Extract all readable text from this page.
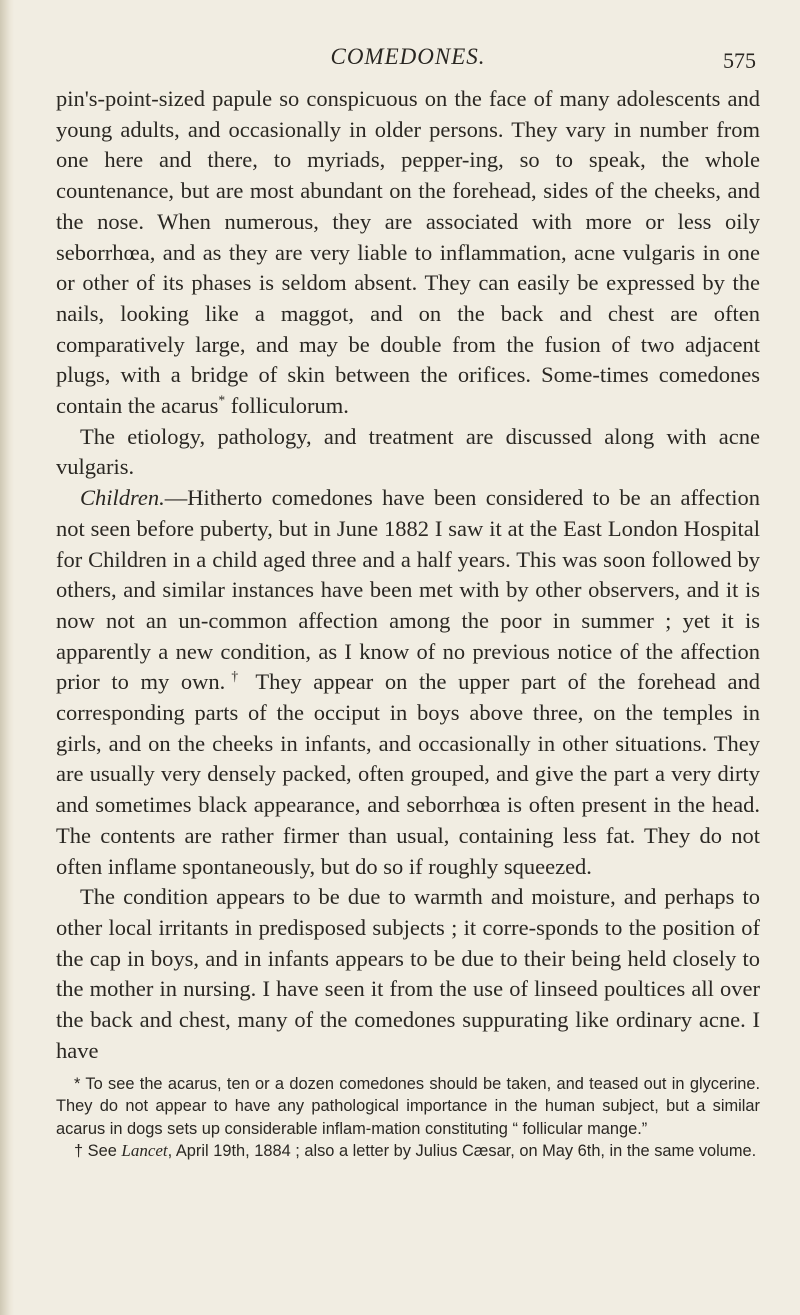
COMEDONES.	575

pin's-point-sized papule so conspicuous on the face of many adolescents and young adults, and occasionally in older persons. They vary in number from one here and there, to myriads, pepper-ing, so to speak, the whole countenance, but are most abundant on the forehead, sides of the cheeks, and the nose. When numerous, they are associated with more or less oily seborrhœa, and as they are very liable to inflammation, acne vulgaris in one or other of its phases is seldom absent. They can easily be expressed by the nails, looking like a maggot, and on the back and chest are often comparatively large, and may be double from the fusion of two adjacent plugs, with a bridge of skin between the orifices. Some-times comedones contain the acarus* folliculorum.

The etiology, pathology, and treatment are discussed along with acne vulgaris.

Children.—Hitherto comedones have been considered to be an affection not seen before puberty, but in June 1882 I saw it at the East London Hospital for Children in a child aged three and a half years. This was soon followed by others, and similar instances have been met with by other observers, and it is now not an un-common affection among the poor in summer ; yet it is apparently a new condition, as I know of no previous notice of the affection prior to my own.† They appear on the upper part of the forehead and corresponding parts of the occiput in boys above three, on the temples in girls, and on the cheeks in infants, and occasionally in other situations. They are usually very densely packed, often grouped, and give the part a very dirty and sometimes black appearance, and seborrhœa is often present in the head. The contents are rather firmer than usual, containing less fat. They do not often inflame spontaneously, but do so if roughly squeezed.

The condition appears to be due to warmth and moisture, and perhaps to other local irritants in predisposed subjects ; it corre-sponds to the position of the cap in boys, and in infants appears to be due to their being held closely to the mother in nursing. I have seen it from the use of linseed poultices all over the back and chest, many of the comedones suppurating like ordinary acne. I have

* To see the acarus, ten or a dozen comedones should be taken, and teased out in glycerine. They do not appear to have any pathological importance in the human subject, but a similar acarus in dogs sets up considerable inflam-mation constituting “ follicular mange.”

† See Lancet, April 19th, 1884 ; also a letter by Julius Cæsar, on May 6th, in the same volume.
